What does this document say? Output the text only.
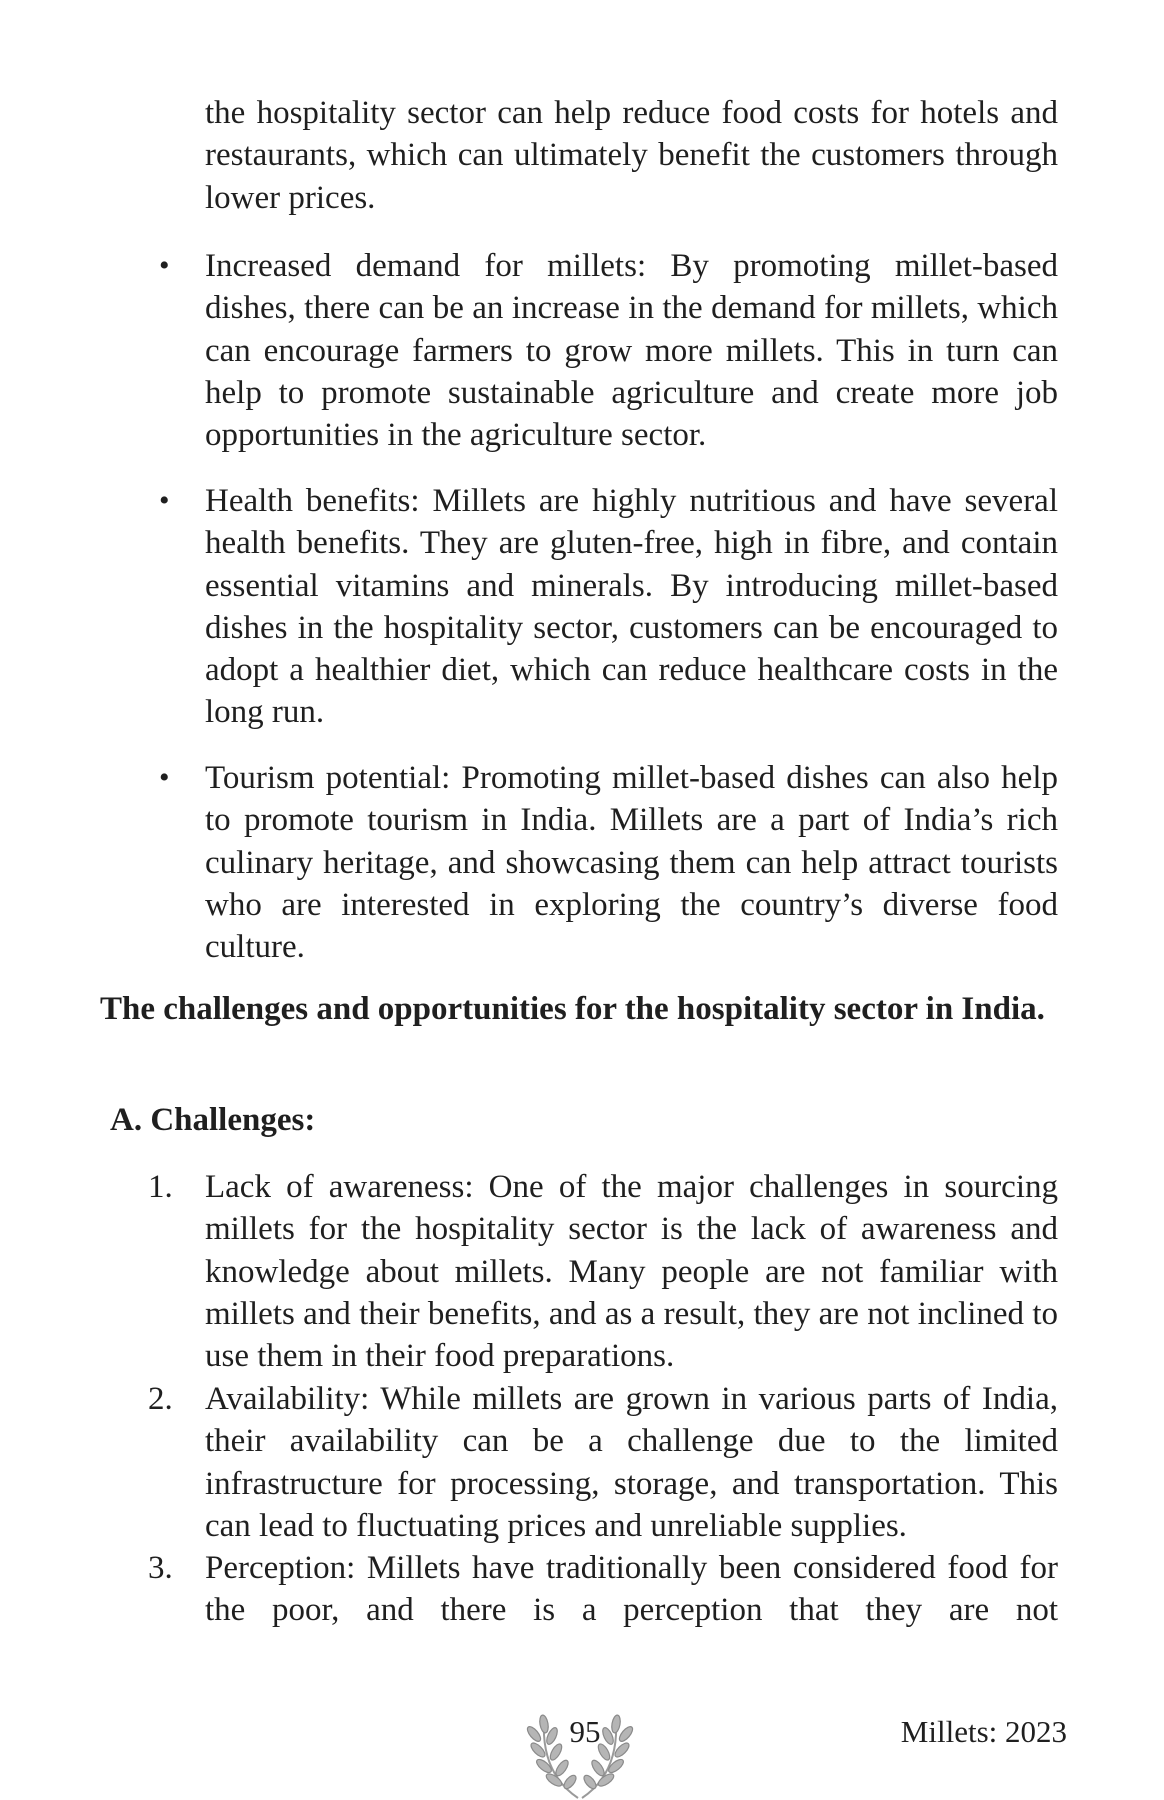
the hospitality sector can help reduce food costs for hotels and restaurants, which can ultimately benefit the customers through lower prices.

• Increased demand for millets: By promoting millet-based dishes, there can be an increase in the demand for millets, which can encourage farmers to grow more millets. This in turn can help to promote sustainable agriculture and create more job opportunities in the agriculture sector.

• Health benefits: Millets are highly nutritious and have several health benefits. They are gluten-free, high in fibre, and contain essential vitamins and minerals. By introducing millet-based dishes in the hospitality sector, customers can be encouraged to adopt a healthier diet, which can reduce healthcare costs in the long run.

• Tourism potential: Promoting millet-based dishes can also help to promote tourism in India. Millets are a part of India’s rich culinary heritage, and showcasing them can help attract tourists who are interested in exploring the country’s diverse food culture.

The challenges and opportunities for the hospitality sector in India.
A. Challenges:
1. Lack of awareness: One of the major challenges in sourcing millets for the hospitality sector is the lack of awareness and knowledge about millets. Many people are not familiar with millets and their benefits, and as a result, they are not inclined to use them in their food preparations.

2. Availability: While millets are grown in various parts of India, their availability can be a challenge due to the limited infrastructure for processing, storage, and transportation. This can lead to fluctuating prices and unreliable supplies.

3. Perception: Millets have traditionally been considered food for the poor, and there is a perception that they are not

95	Millets: 2023
